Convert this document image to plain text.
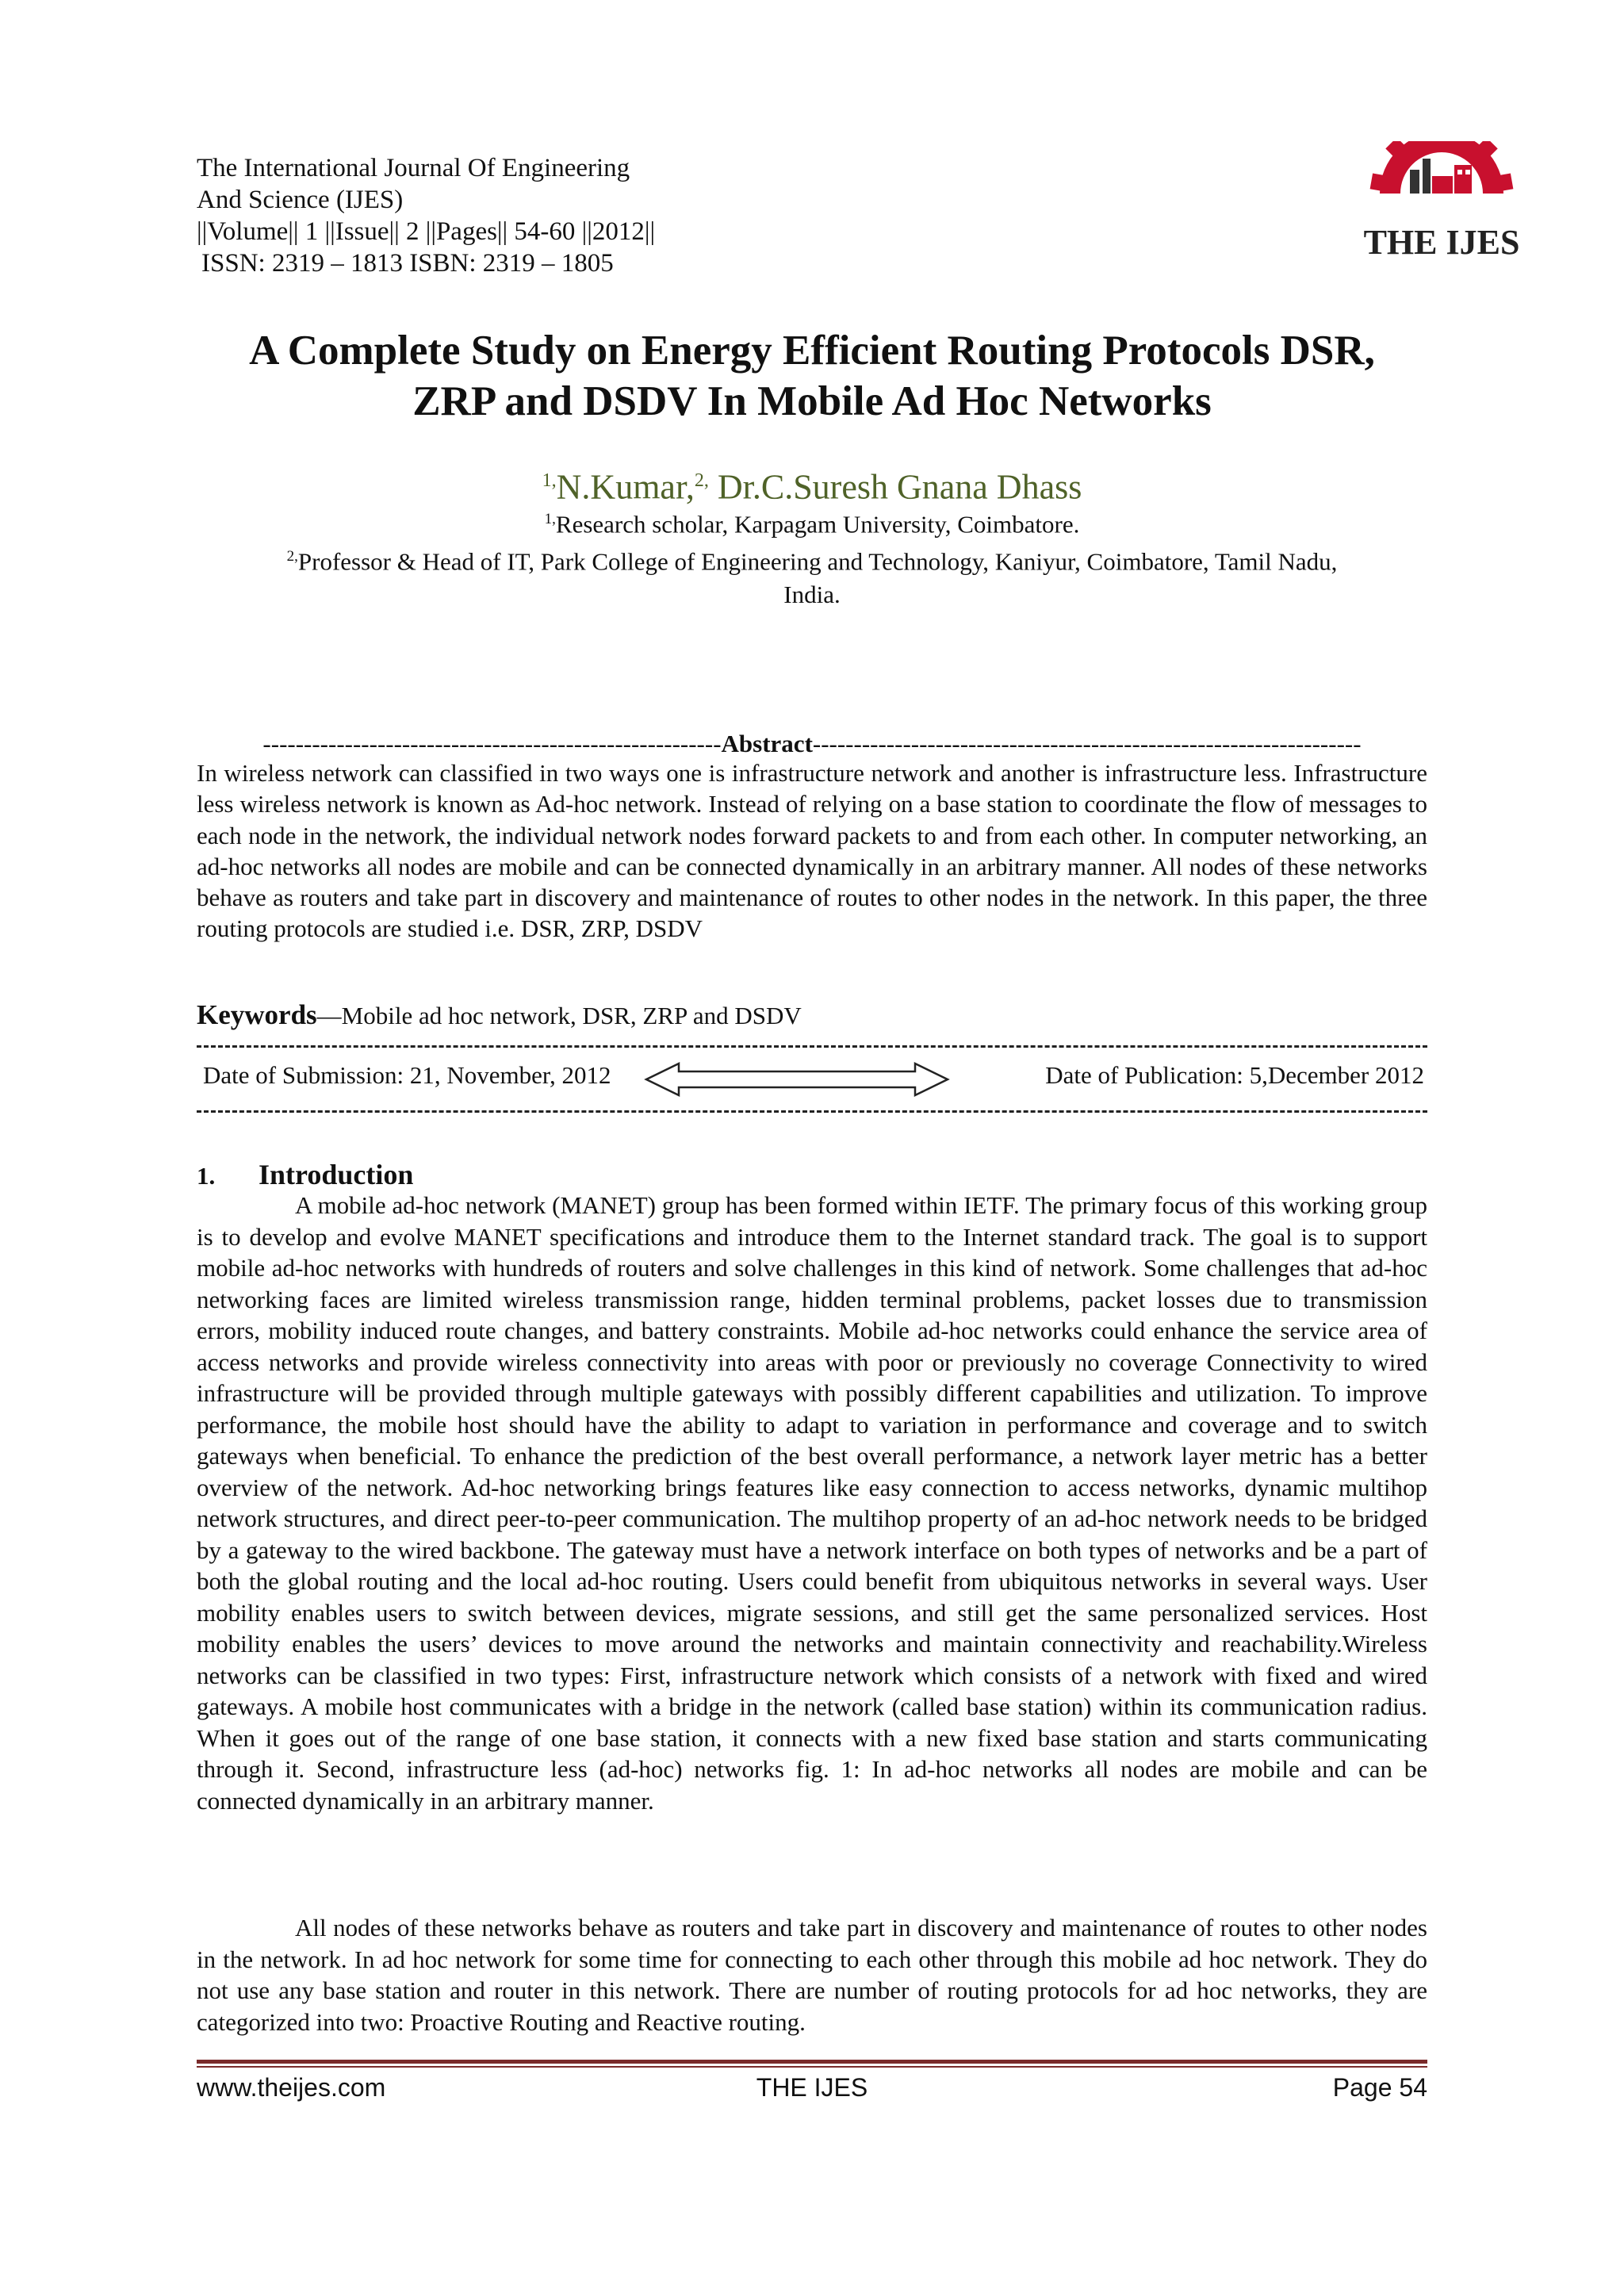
The International Journal Of Engineering
And Science (IJES)
||Volume|| 1 ||Issue|| 2 ||Pages|| 54-60 ||2012||
ISSN: 2319 – 1813 ISBN: 2319 – 1805
THE IJES
A Complete Study on Energy Efficient Routing Protocols DSR,
ZRP and DSDV In Mobile Ad Hoc Networks
$^{1,}$N.Kumar,$^{2,}$ Dr.C.Suresh Gnana Dhass
$^{1,}$Research scholar, Karpagam University, Coimbatore.
$^{2,}$Professor & Head of IT, Park College of Engineering and Technology, Kaniyur, Coimbatore, Tamil Nadu,
India.
--------------------------------------------------------Abstract-------------------------------------------------------------------
In wireless network can classified in two ways one is infrastructure network and another is infrastructure less. Infrastructure less wireless network is known as Ad-hoc network. Instead of relying on a base station to coordinate the flow of messages to each node in the network, the individual network nodes forward packets to and from each other. In computer networking, an ad-hoc networks all nodes are mobile and can be connected dynamically in an arbitrary manner. All nodes of these networks behave as routers and take part in discovery and maintenance of routes to other nodes in the network. In this paper, the three routing protocols are studied i.e. DSR, ZRP, DSDV
Keywords—Mobile ad hoc network, DSR, ZRP and DSDV
Date of Submission: 21, November, 2012	Date of Publication: 5,December 2012
1. Introduction

A mobile ad-hoc network (MANET) group has been formed within IETF. The primary focus of this working group is to develop and evolve MANET specifications and introduce them to the Internet standard track. The goal is to support mobile ad-hoc networks with hundreds of routers and solve challenges in this kind of network. Some challenges that ad-hoc networking faces are limited wireless transmission range, hidden terminal problems, packet losses due to transmission errors, mobility induced route changes, and battery constraints. Mobile ad-hoc networks could enhance the service area of access networks and provide wireless connectivity into areas with poor or previously no coverage Connectivity to wired infrastructure will be provided through multiple gateways with possibly different capabilities and utilization. To improve performance, the mobile host should have the ability to adapt to variation in performance and coverage and to switch gateways when beneficial. To enhance the prediction of the best overall performance, a network layer metric has a better overview of the network. Ad-hoc networking brings features like easy connection to access networks, dynamic multihop network structures, and direct peer-to-peer communication. The multihop property of an ad-hoc network needs to be bridged by a gateway to the wired backbone. The gateway must have a network interface on both types of networks and be a part of both the global routing and the local ad-hoc routing. Users could benefit from ubiquitous networks in several ways. User mobility enables users to switch between devices, migrate sessions, and still get the same personalized services. Host mobility enables the users’ devices to move around the networks and maintain connectivity and reachability.Wireless networks can be classified in two types: First, infrastructure network which consists of a network with fixed and wired gateways. A mobile host communicates with a bridge in the network (called base station) within its communication radius. When it goes out of the range of one base station, it connects with a new fixed base station and starts communicating through it. Second, infrastructure less (ad-hoc) networks fig. 1: In ad-hoc networks all nodes are mobile and can be connected dynamically in an arbitrary manner.

All nodes of these networks behave as routers and take part in discovery and maintenance of routes to other nodes in the network. In ad hoc network for some time for connecting to each other through this mobile ad hoc network. They do not use any base station and router in this network. There are number of routing protocols for ad hoc networks, they are categorized into two: Proactive Routing and Reactive routing.

www.theijes.com	THE IJES	Page 54
